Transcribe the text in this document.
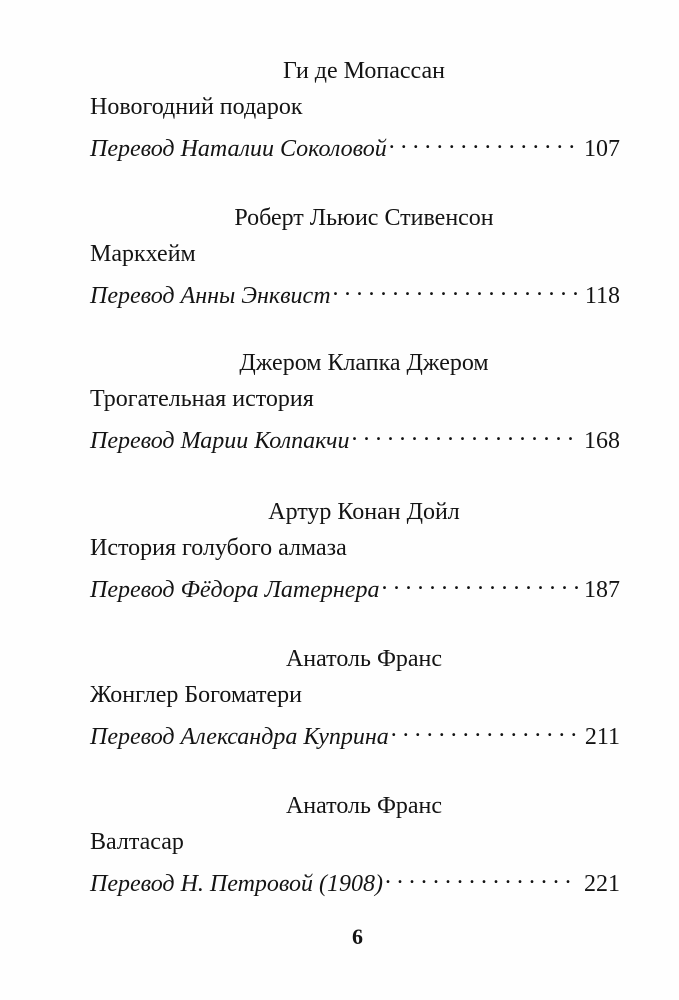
Ги де Мопассан
Новогодний подарок
Перевод Наталии Соколовой . . .	107
Роберт Льюис Стивенсон
Маркхейм
Перевод Анны Энквист . . .	118
Джером Клапка Джером
Трогательная история
Перевод Марии Колпакчи . . .	168
Артур Конан Дойл
История голубого алмаза
Перевод Фёдора Латернера . . .	187
Анатоль Франс
Жонглер Богоматери
Перевод Александра Куприна . . .	211
Анатоль Франс
Валтасар
Перевод Н. Петровой (1908) . . .	221
6
